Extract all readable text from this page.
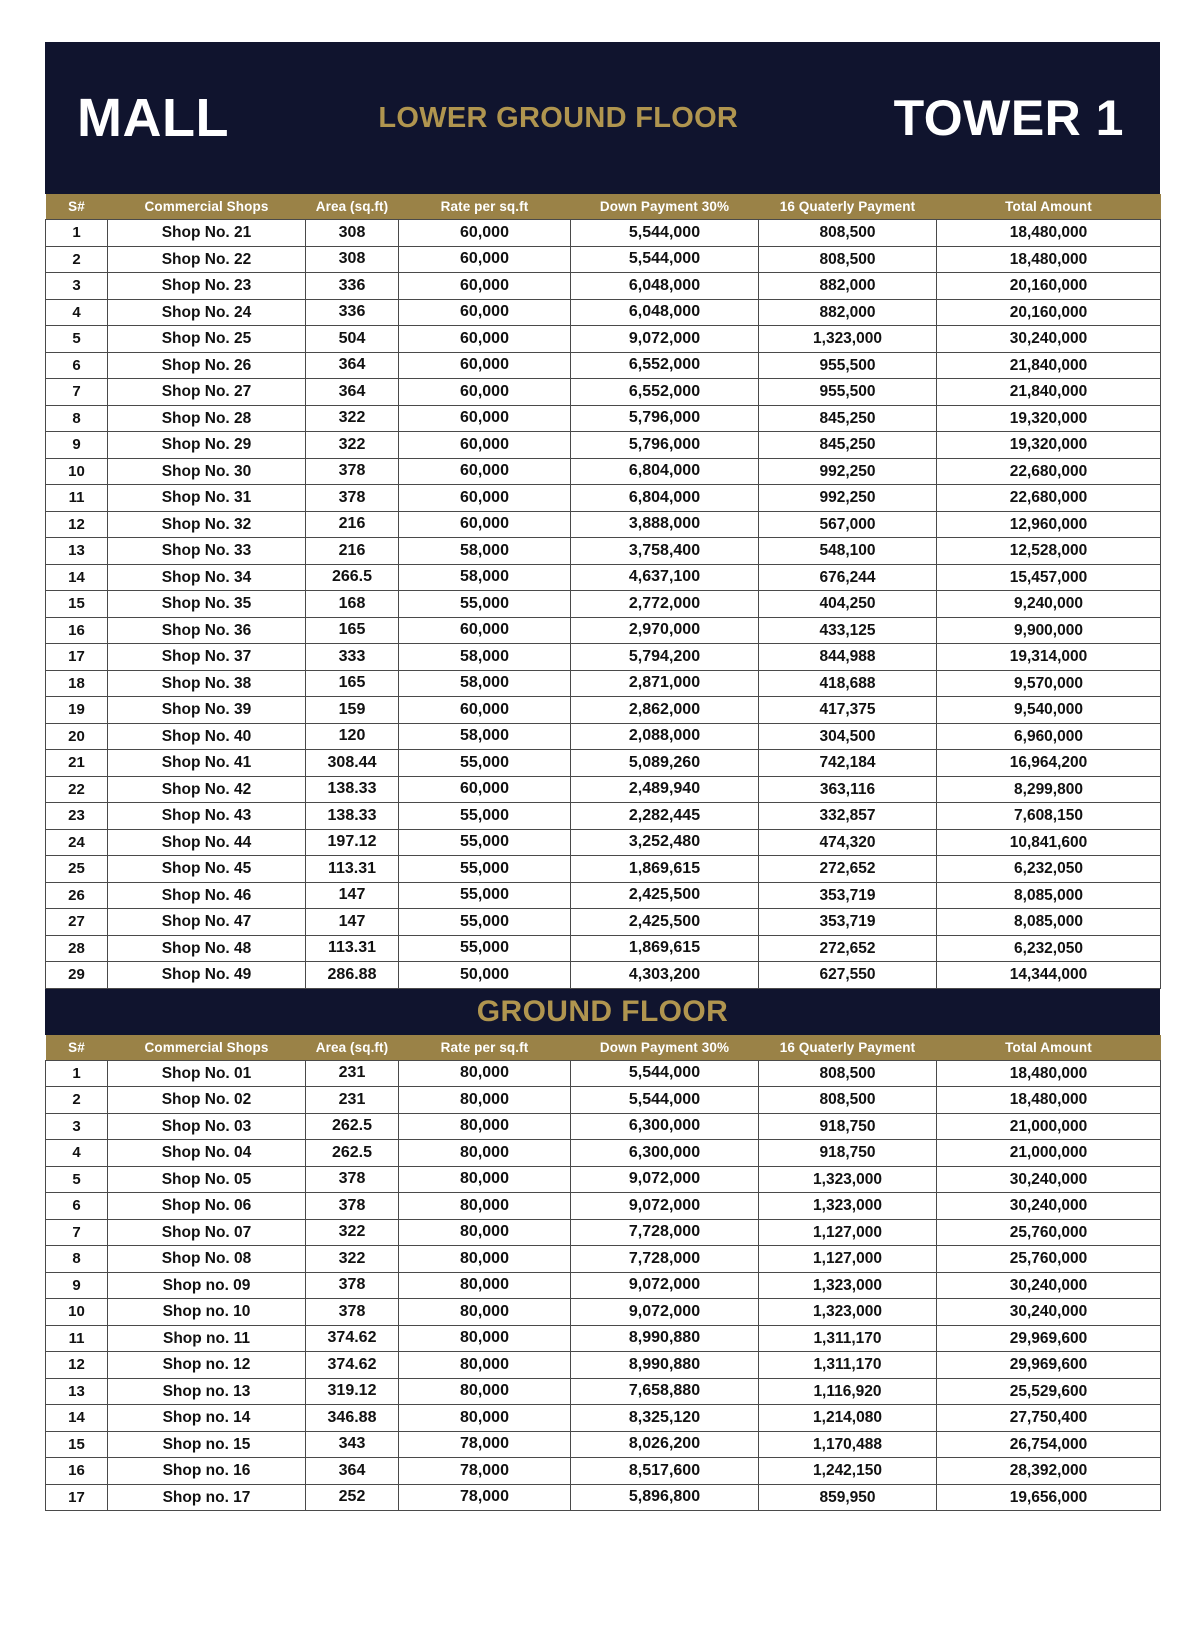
MALL	LOWER GROUND FLOOR	TOWER 1
S#	Commercial Shops	Area (sq.ft)	Rate per sq.ft	Down Payment 30%	16 Quaterly Payment	Total Amount
1	Shop No. 21	308	60,000	5,544,000	808,500	18,480,000
2	Shop No. 22	308	60,000	5,544,000	808,500	18,480,000
3	Shop No. 23	336	60,000	6,048,000	882,000	20,160,000
4	Shop No. 24	336	60,000	6,048,000	882,000	20,160,000
5	Shop No. 25	504	60,000	9,072,000	1,323,000	30,240,000
6	Shop No. 26	364	60,000	6,552,000	955,500	21,840,000
7	Shop No. 27	364	60,000	6,552,000	955,500	21,840,000
8	Shop No. 28	322	60,000	5,796,000	845,250	19,320,000
9	Shop No. 29	322	60,000	5,796,000	845,250	19,320,000
10	Shop No. 30	378	60,000	6,804,000	992,250	22,680,000
11	Shop No. 31	378	60,000	6,804,000	992,250	22,680,000
12	Shop No. 32	216	60,000	3,888,000	567,000	12,960,000
13	Shop No. 33	216	58,000	3,758,400	548,100	12,528,000
14	Shop No. 34	266.5	58,000	4,637,100	676,244	15,457,000
15	Shop No. 35	168	55,000	2,772,000	404,250	9,240,000
16	Shop No. 36	165	60,000	2,970,000	433,125	9,900,000
17	Shop No. 37	333	58,000	5,794,200	844,988	19,314,000
18	Shop No. 38	165	58,000	2,871,000	418,688	9,570,000
19	Shop No. 39	159	60,000	2,862,000	417,375	9,540,000
20	Shop No. 40	120	58,000	2,088,000	304,500	6,960,000
21	Shop No. 41	308.44	55,000	5,089,260	742,184	16,964,200
22	Shop No. 42	138.33	60,000	2,489,940	363,116	8,299,800
23	Shop No. 43	138.33	55,000	2,282,445	332,857	7,608,150
24	Shop No. 44	197.12	55,000	3,252,480	474,320	10,841,600
25	Shop No. 45	113.31	55,000	1,869,615	272,652	6,232,050
26	Shop No. 46	147	55,000	2,425,500	353,719	8,085,000
27	Shop No. 47	147	55,000	2,425,500	353,719	8,085,000
28	Shop No. 48	113.31	55,000	1,869,615	272,652	6,232,050
29	Shop No. 49	286.88	50,000	4,303,200	627,550	14,344,000
GROUND FLOOR
S#	Commercial Shops	Area (sq.ft)	Rate per sq.ft	Down Payment 30%	16 Quaterly Payment	Total Amount
1	Shop No. 01	231	80,000	5,544,000	808,500	18,480,000
2	Shop No. 02	231	80,000	5,544,000	808,500	18,480,000
3	Shop No. 03	262.5	80,000	6,300,000	918,750	21,000,000
4	Shop No. 04	262.5	80,000	6,300,000	918,750	21,000,000
5	Shop No. 05	378	80,000	9,072,000	1,323,000	30,240,000
6	Shop No. 06	378	80,000	9,072,000	1,323,000	30,240,000
7	Shop No. 07	322	80,000	7,728,000	1,127,000	25,760,000
8	Shop No. 08	322	80,000	7,728,000	1,127,000	25,760,000
9	Shop no. 09	378	80,000	9,072,000	1,323,000	30,240,000
10	Shop no. 10	378	80,000	9,072,000	1,323,000	30,240,000
11	Shop no. 11	374.62	80,000	8,990,880	1,311,170	29,969,600
12	Shop no. 12	374.62	80,000	8,990,880	1,311,170	29,969,600
13	Shop no. 13	319.12	80,000	7,658,880	1,116,920	25,529,600
14	Shop no. 14	346.88	80,000	8,325,120	1,214,080	27,750,400
15	Shop no. 15	343	78,000	8,026,200	1,170,488	26,754,000
16	Shop no. 16	364	78,000	8,517,600	1,242,150	28,392,000
17	Shop no. 17	252	78,000	5,896,800	859,950	19,656,000
